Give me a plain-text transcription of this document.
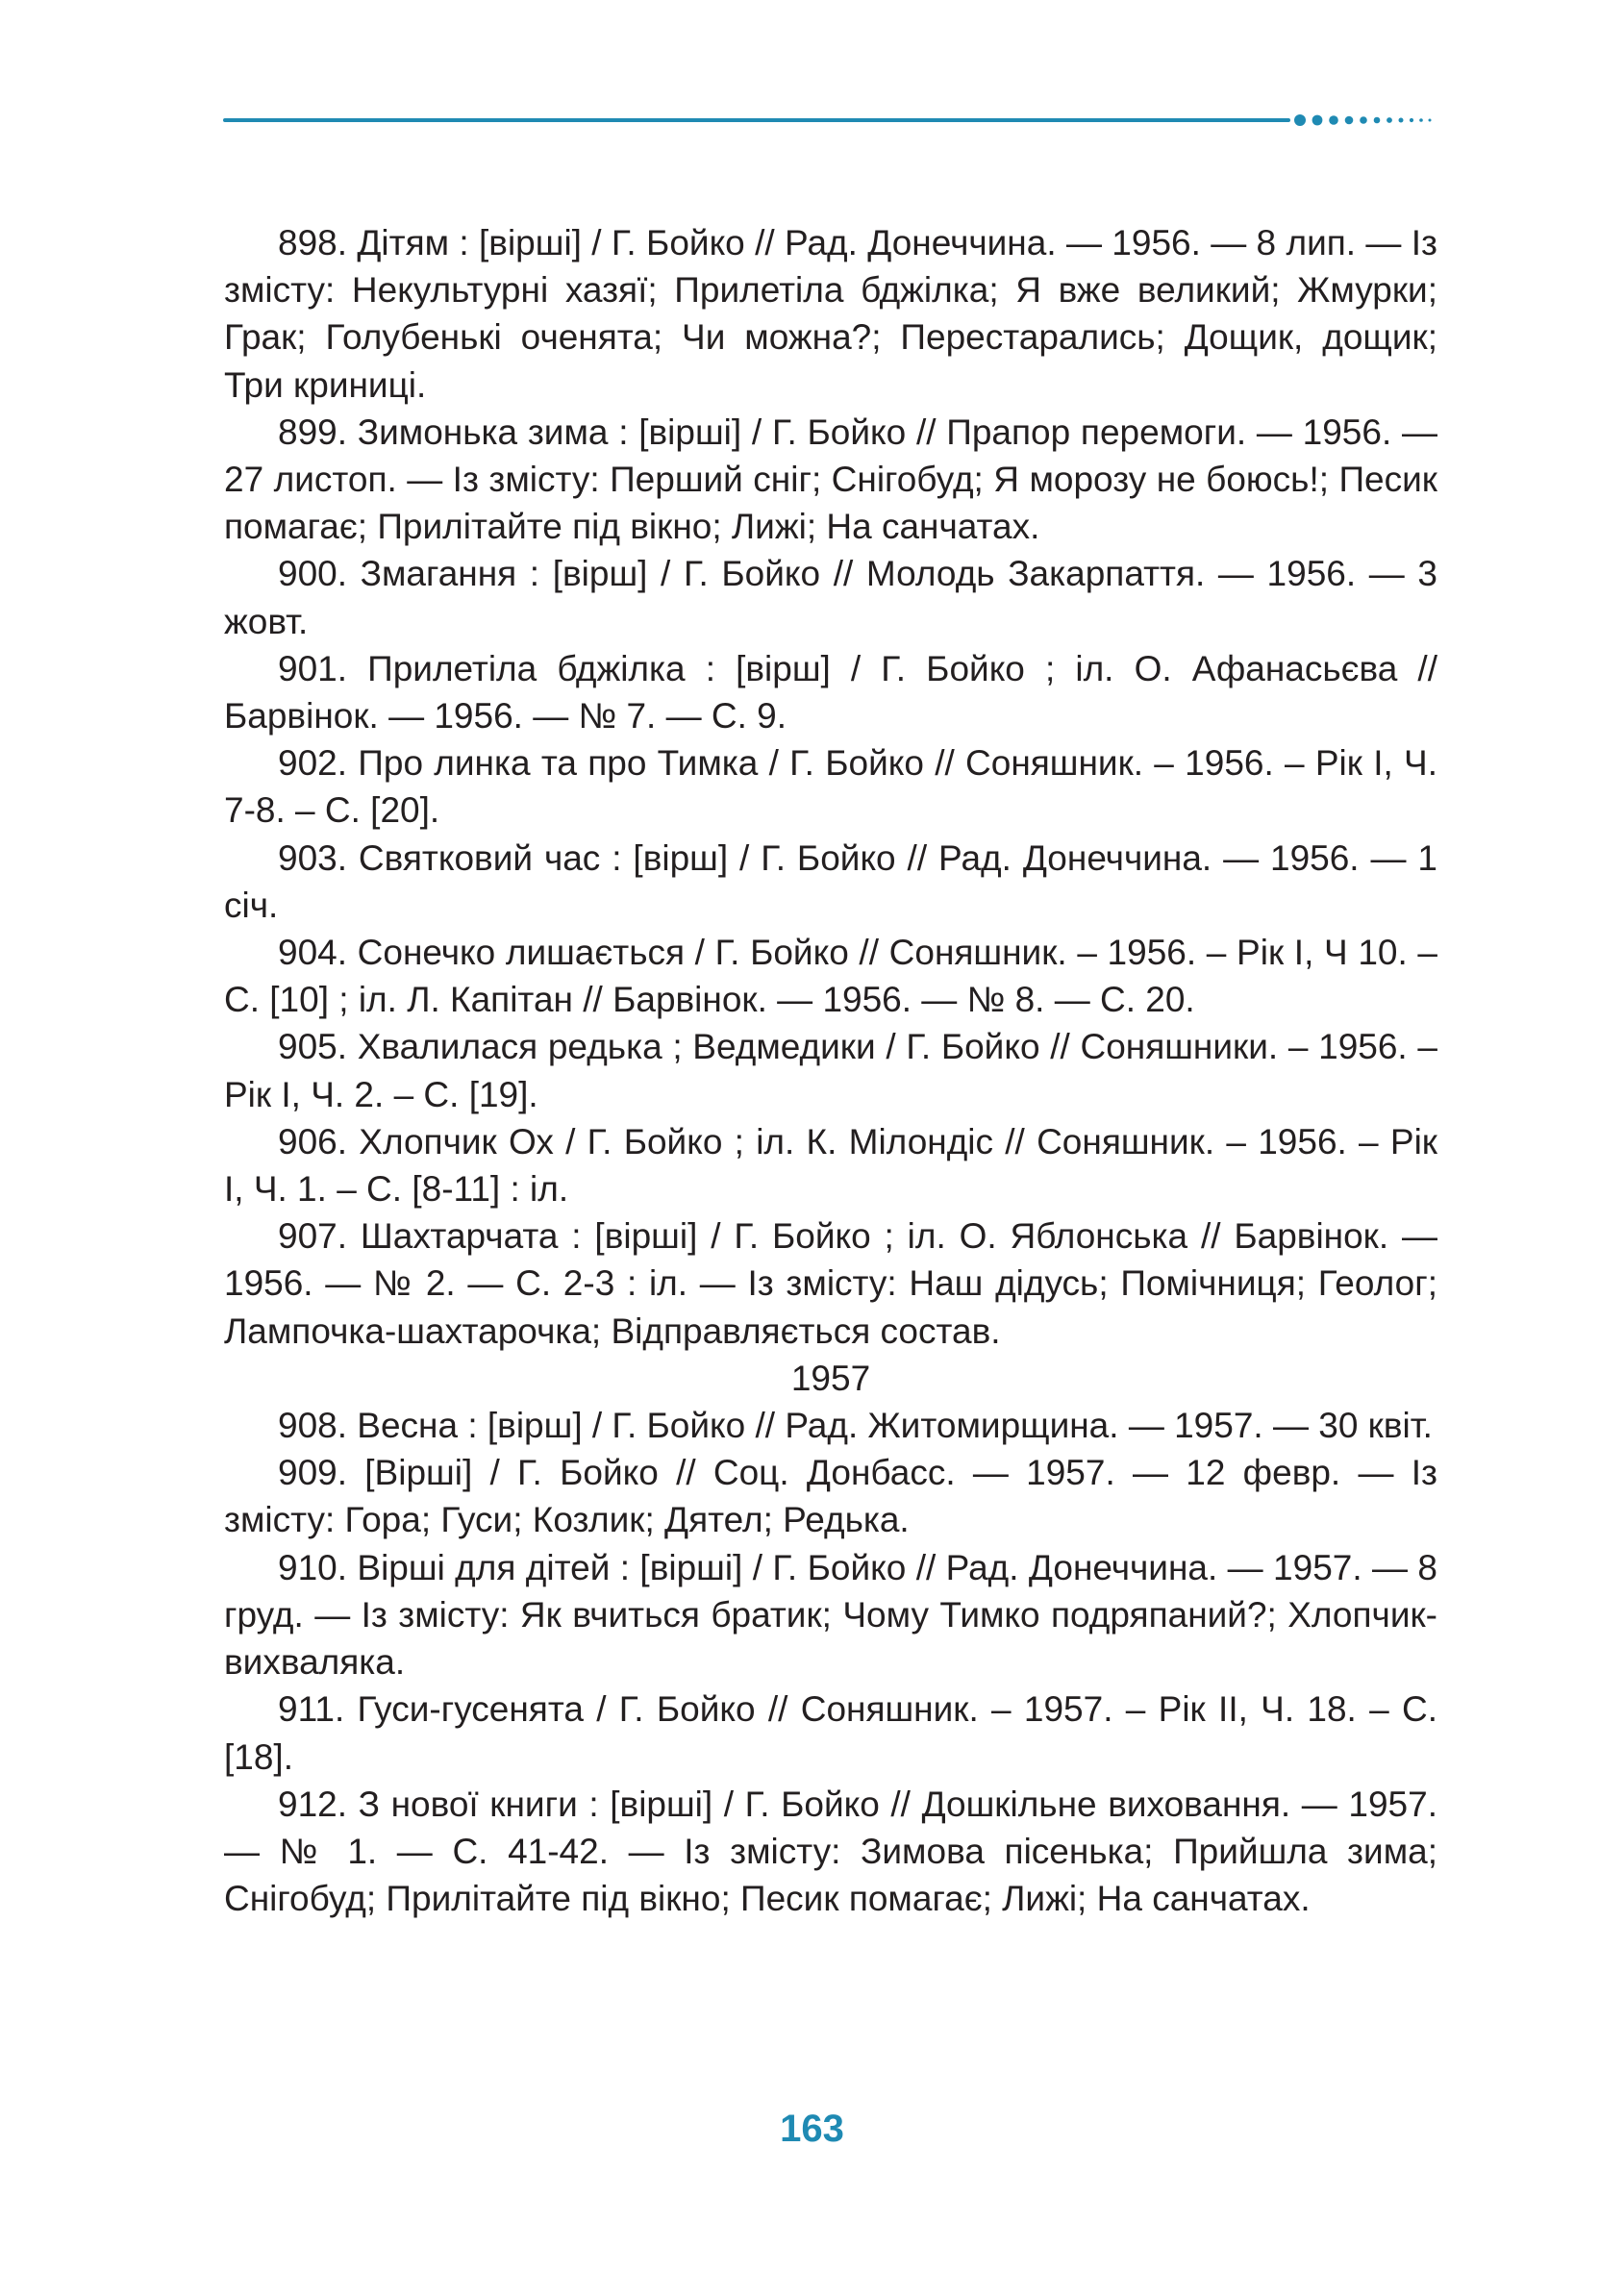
898. Дітям : [вірші] / Г. Бойко // Рад. Донеччина. — 1956. — 8 лип. — Із змісту: Некультурні хазяї; Прилетіла бджілка; Я вже великий; Жмурки; Грак; Голубенькі оченята; Чи можна?; Перестарались; Дощик, дощик; Три криниці.

899. Зимонька зима : [вірші] / Г. Бойко // Прапор перемоги. — 1956. — 27 листоп. — Із змісту: Перший сніг; Снігобуд; Я морозу не боюсь!; Песик помагає; Прилітайте під вікно; Лижі; На санчатах.

900. Змагання : [вірш] / Г. Бойко // Молодь Закарпаття. — 1956. — 3 жовт.

901. Прилетіла бджілка : [вірш] / Г. Бойко ; іл. О. Афанасьєва // Барвінок. — 1956. — № 7. — С. 9.

902. Про линка та про Тимка / Г. Бойко // Соняшник. – 1956. – Рік І, Ч. 7-8. – С. [20].

903. Святковий час : [вірш] / Г. Бойко // Рад. Донеччина. — 1956. — 1 січ.

904. Сонечко лишається / Г. Бойко // Соняшник. – 1956. – Рік І, Ч 10. – С. [10] ; іл. Л. Капітан // Барвінок. — 1956. — № 8. — С. 20.

905. Хвалилася редька ; Ведмедики / Г. Бойко // Соняшники. – 1956. – Рік І, Ч. 2. – С. [19].

906. Хлопчик Ох / Г. Бойко ; іл. К. Мілондіс // Соняшник. – 1956. – Рік І, Ч. 1. – С. [8-11] : іл.

907. Шахтарчата : [вірші] / Г. Бойко ; іл. О. Яблонська // Барвінок. — 1956. — № 2. — С. 2-3 : іл. — Із змісту: Наш дідусь; Помічниця; Геолог; Лампочка-шахтарочка; Відправляється состав.

1957

908. Весна : [вірш] / Г. Бойко // Рад. Житомирщина. — 1957. — 30 квіт.

909. [Вірші] / Г. Бойко // Соц. Донбасс. — 1957. — 12 февр. — Із змісту: Гора; Гуси; Козлик; Дятел; Редька.

910. Вірші для дітей : [вірші] / Г. Бойко // Рад. Донеччина. — 1957. — 8 груд. — Із змісту: Як вчиться братик; Чому Тимко подряпаний?; Хлопчик-вихваляка.

911. Гуси-гусенята / Г. Бойко // Соняшник. – 1957. – Рік ІІ, Ч. 18. – С. [18].

912. З нової книги : [вірші] / Г. Бойко // Дошкільне виховання. — 1957. — № 1. — С. 41-42. — Із змісту: Зимова пісенька; Прийшла зима; Снігобуд; Прилітайте під вікно; Песик помагає; Лижі; На санчатах.

163
